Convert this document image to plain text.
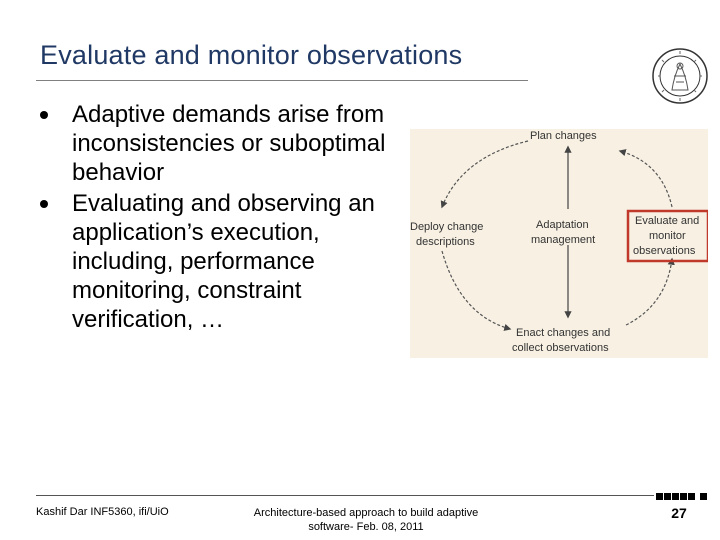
Evaluate and monitor observations
Adaptive demands arise from inconsistencies or suboptimal behavior
Evaluating and observing an application’s execution, including, performance monitoring, constraint verification, …
Plan changes
Deploy change
descriptions
Adaptation
management
Evaluate and
monitor
observations
Enact changes and
collect observations
Kashif Dar INF5360, ifi/UiO	Architecture-based approach to build adaptive
software- Feb. 08, 2011
27
